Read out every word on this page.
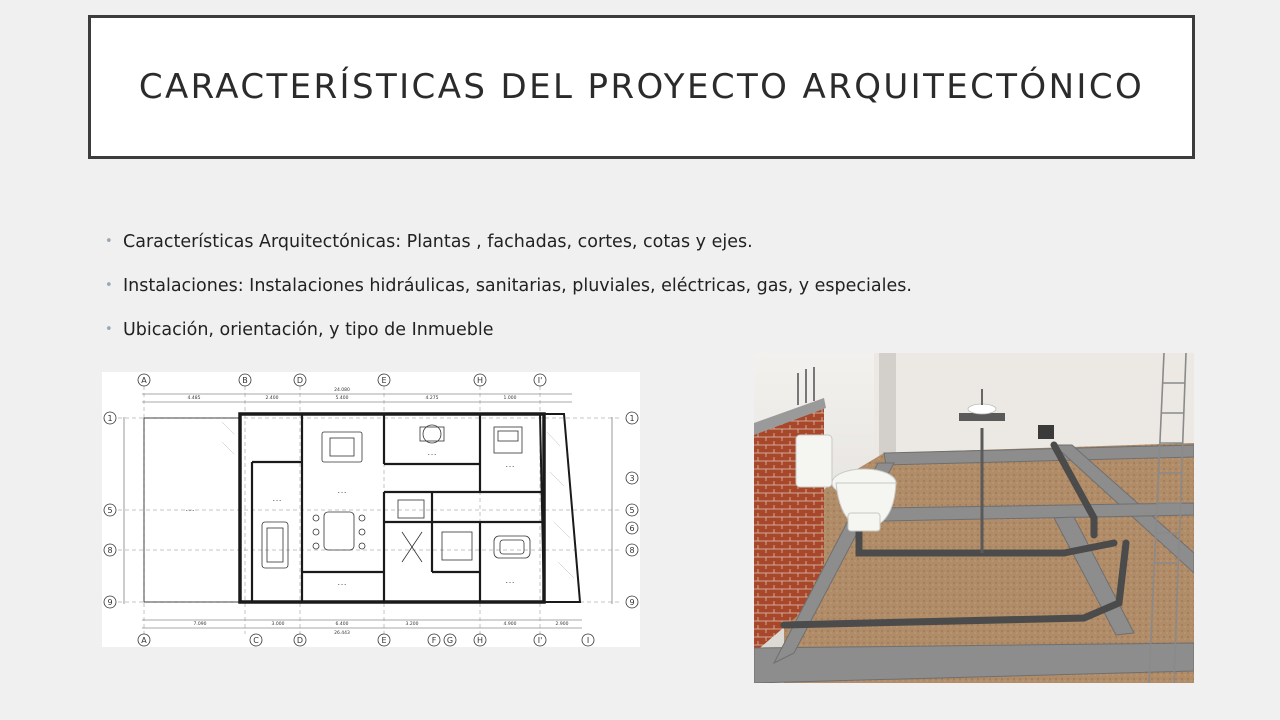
CARACTERÍSTICAS DEL PROYECTO ARQUITECTÓNICO
• Características Arquitectónicas: Plantas , fachadas, cortes, cotas y ejes.
• Instalaciones: Instalaciones hidráulicas, sanitarias, pluviales, eléctricas, gas, y especiales.
• Ubicación, orientación, y tipo de Inmueble
A	B	D	E	H	I'
A	C	D	E	F G	H	I'	I
1
5
8
9
1
3
5
6
8
9
4.485	2.400	5.400	4.275	1.000
24.080
7.090	3.000	6.400	3.200	4.900	2.900
26.443
• • •
• • •
• • •
• • •
• • •
• • •	• • •
